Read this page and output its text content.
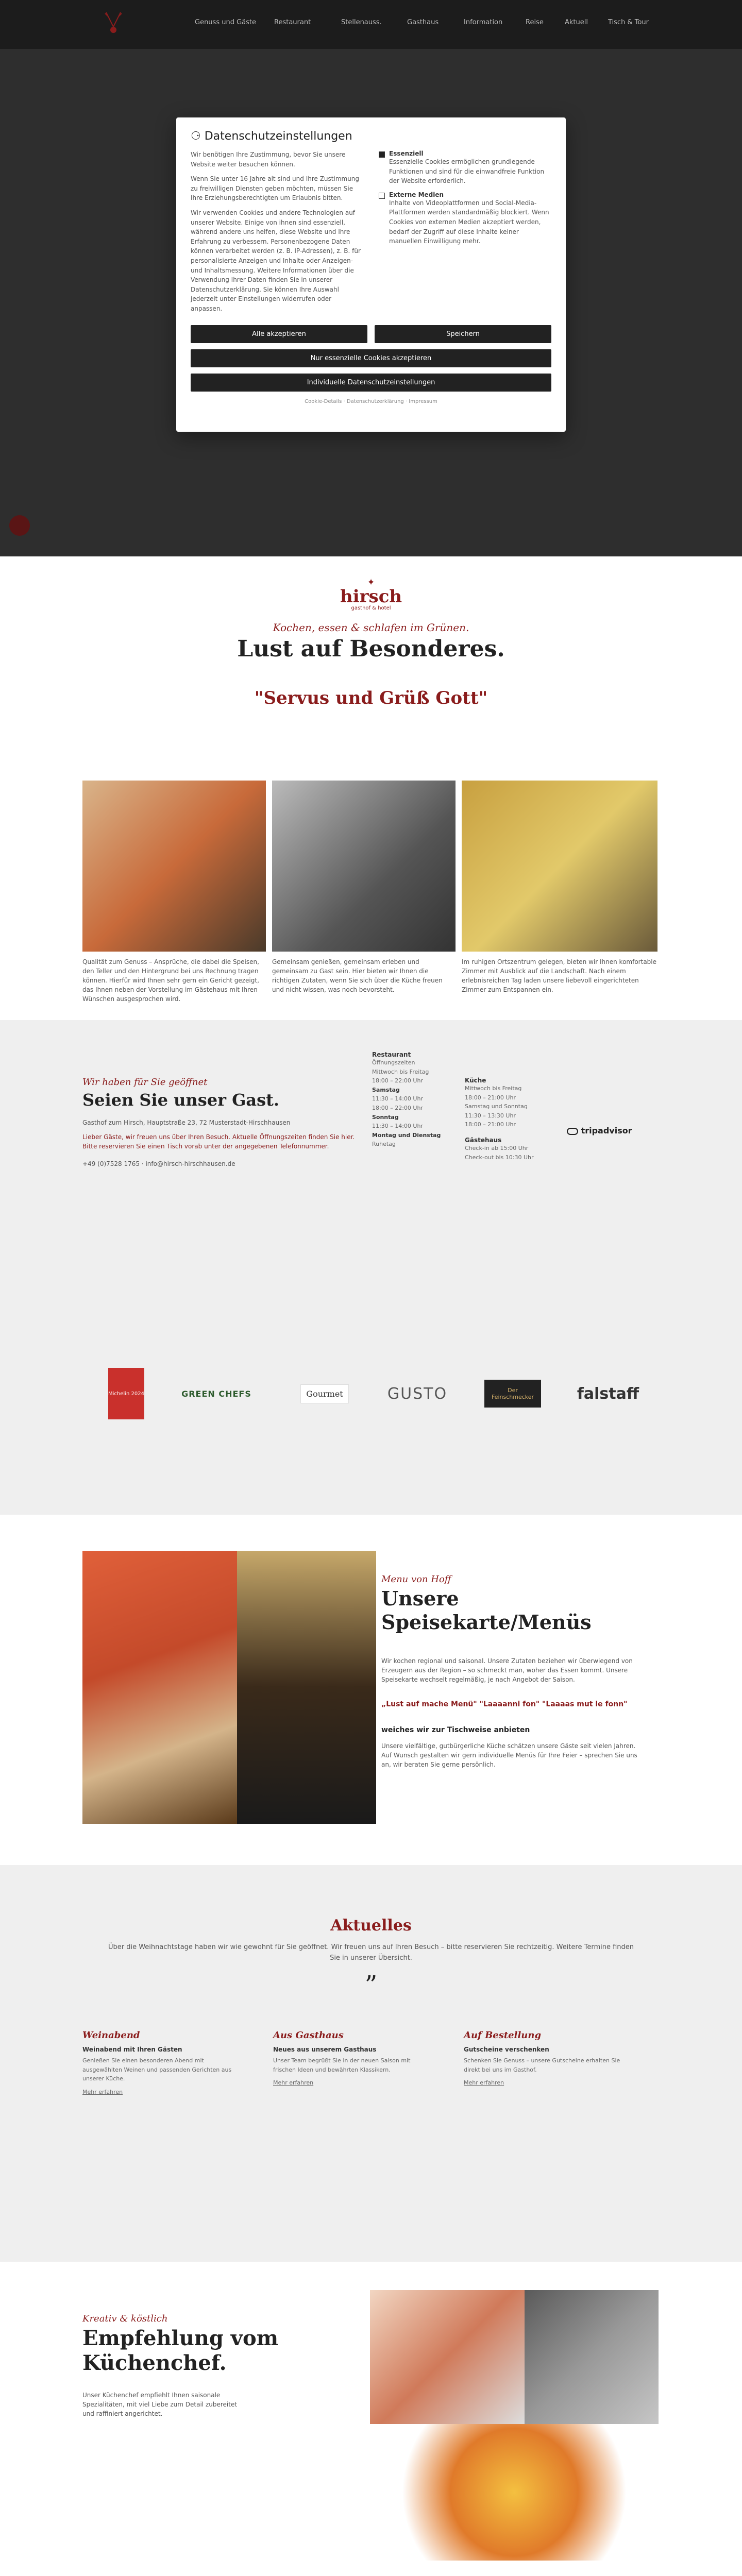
Genuss und Gäste	Restaurant	Stellenauss.	Gasthaus	Information	Reise	Aktuell	Tisch & Tour
⚆ Datenschutzeinstellungen

Wir benötigen Ihre Zustimmung, bevor Sie unsere Website weiter besuchen können.

Wenn Sie unter 16 Jahre alt sind und Ihre Zustimmung zu freiwilligen Diensten geben möchten, müssen Sie Ihre Erziehungsberechtigten um Erlaubnis bitten.

Wir verwenden Cookies und andere Technologien auf unserer Website. Einige von ihnen sind essenziell, während andere uns helfen, diese Website und Ihre Erfahrung zu verbessern. Personenbezogene Daten können verarbeitet werden (z. B. IP-Adressen), z. B. für personalisierte Anzeigen und Inhalte oder Anzeigen- und Inhaltsmessung. Weitere Informationen über die Verwendung Ihrer Daten finden Sie in unserer Datenschutzerklärung. Sie können Ihre Auswahl jederzeit unter Einstellungen widerrufen oder anpassen.

Essenziell

Essenzielle Cookies ermöglichen grundlegende Funktionen und sind für die einwandfreie Funktion der Website erforderlich.

Externe Medien

Inhalte von Videoplattformen und Social-Media-Plattformen werden standardmäßig blockiert. Wenn Cookies von externen Medien akzeptiert werden, bedarf der Zugriff auf diese Inhalte keiner manuellen Einwilligung mehr.

Alle akzeptieren	Speichern
Nur essenzielle Cookies akzeptieren
Individuelle Datenschutzeinstellungen
Cookie-Details · Datenschutzerklärung · Impressum
✦
hirsch
gasthof & hotel
Kochen, essen & schlafen im Grünen.
Lust auf Besonderes.
"Servus und Grüß Gott"
Qualität zum Genuss – Ansprüche, die dabei die Speisen, den Teller und den Hintergrund bei uns Rechnung tragen können. Hierfür wird Ihnen sehr gern ein Gericht gezeigt, das Ihnen neben der Vorstellung im Gästehaus mit Ihren Wünschen ausgesprochen wird.
Gemeinsam genießen, gemeinsam erleben und gemeinsam zu Gast sein. Hier bieten wir Ihnen die richtigen Zutaten, wenn Sie sich über die Küche freuen und nicht wissen, was noch bevorsteht.
Im ruhigen Ortszentrum gelegen, bieten wir Ihnen komfortable Zimmer mit Ausblick auf die Landschaft. Nach einem erlebnisreichen Tag laden unsere liebevoll eingerichteten Zimmer zum Entspannen ein.
Wir haben für Sie geöffnet
Seien Sie unser Gast.
Gasthof zum Hirsch, Hauptstraße 23, 72 Musterstadt-Hirschhausen
Lieber Gäste, wir freuen uns über Ihren Besuch. Aktuelle Öffnungszeiten finden Sie hier.
Bitte reservieren Sie einen Tisch vorab unter der angegebenen Telefonnummer.
+49 (0)7528 1765 · info@hirsch-hirschhausen.de
Restaurant
Öffnungszeiten
Mittwoch bis Freitag
18:00 – 22:00 Uhr
Samstag
11:30 – 14:00 Uhr
18:00 – 22:00 Uhr
Sonntag
11:30 – 14:00 Uhr
Montag und Dienstag
Ruhetag
Küche
Mittwoch bis Freitag
18:00 – 21:00 Uhr
Samstag und Sonntag
11:30 – 13:30 Uhr
18:00 – 21:00 Uhr
Gästehaus
Check-in ab 15:00 Uhr
Check-out bis 10:30 Uhr
tripadvisor
Michelin 2024	GREEN CHEFS	Gourmet	GUSTO	Der Feinschmecker	falstaff
Menu von Hoff
Unsere Speisekarte/Menüs
Wir kochen regional und saisonal. Unsere Zutaten beziehen wir überwiegend von Erzeugern aus der Region – so schmeckt man, woher das Essen kommt. Unsere Speisekarte wechselt regelmäßig, je nach Angebot der Saison.
„Lust auf mache Menü" "Laaaanni fon" "Laaaas mut le fonn"
weiches wir zur Tischweise anbieten
Unsere vielfältige, gutbürgerliche Küche schätzen unsere Gäste seit vielen Jahren. Auf Wunsch gestalten wir gern individuelle Menüs für Ihre Feier – sprechen Sie uns an, wir beraten Sie gerne persönlich.
Aktuelles
Über die Weihnachtstage haben wir wie gewohnt für Sie geöffnet. Wir freuen uns auf Ihren Besuch – bitte reservieren Sie rechtzeitig. Weitere Termine finden Sie in unserer Übersicht.
”
Weinabend
Weinabend mit Ihren Gästen
Genießen Sie einen besonderen Abend mit ausgewählten Weinen und passenden Gerichten aus unserer Küche.
Mehr erfahren
Aus Gasthaus
Neues aus unserem Gasthaus
Unser Team begrüßt Sie in der neuen Saison mit frischen Ideen und bewährten Klassikern.
Mehr erfahren
Auf Bestellung
Gutscheine verschenken
Schenken Sie Genuss – unsere Gutscheine erhalten Sie direkt bei uns im Gasthof.
Mehr erfahren
Kreativ & köstlich
Empfehlung vom Küchenchef.
Unser Küchenchef empfiehlt Ihnen saisonale Spezialitäten, mit viel Liebe zum Detail zubereitet und raffiniert angerichtet.
